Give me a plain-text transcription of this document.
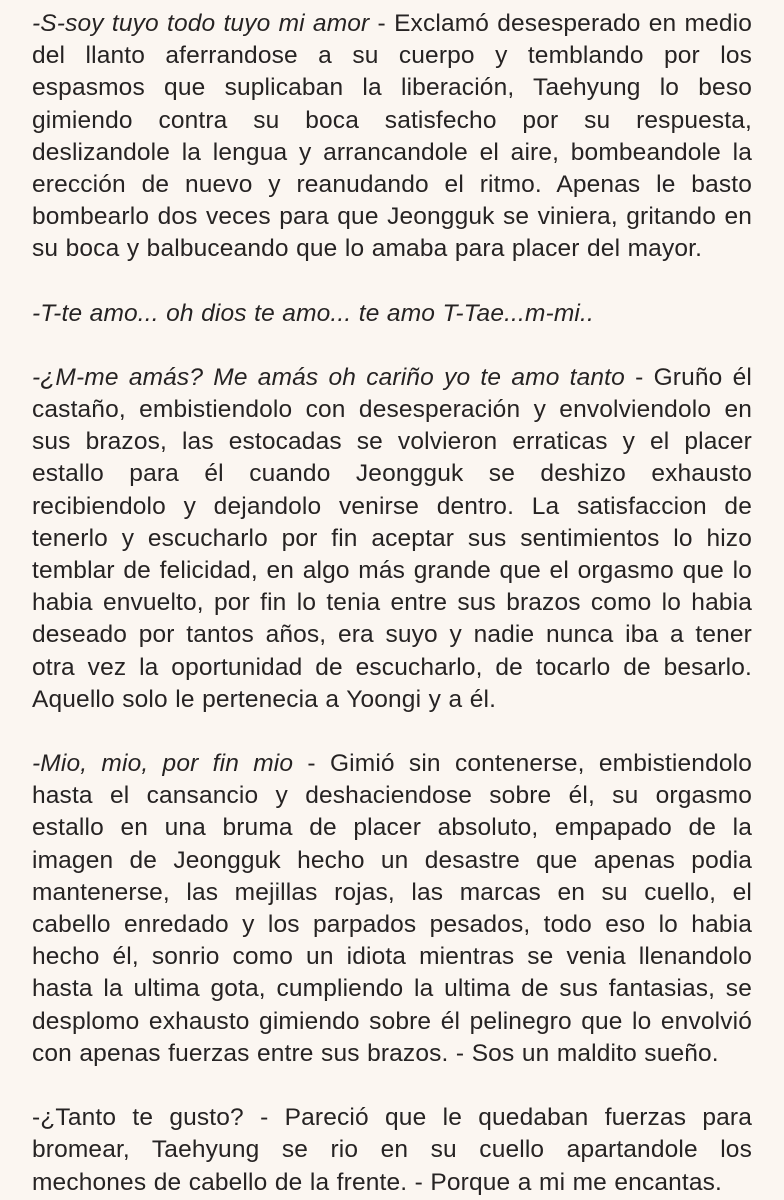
-S-soy tuyo todo tuyo mi amor - Exclamó desesperado en medio del llanto aferrandose a su cuerpo y temblando por los espasmos que suplicaban la liberación, Taehyung lo beso gimiendo contra su boca satisfecho por su respuesta, deslizandole la lengua y arrancandole el aire, bombeandole la erección de nuevo y reanudando el ritmo. Apenas le basto bombearlo dos veces para que Jeongguk se viniera, gritando en su boca y balbuceando que lo amaba para placer del mayor.

-T-te amo... oh dios te amo... te amo T-Tae...m-mi..

-¿M-me amás? Me amás oh cariño yo te amo tanto - Gruño él castaño, embistiendolo con desesperación y envolviendolo en sus brazos, las estocadas se volvieron erraticas y el placer estallo para él cuando Jeongguk se deshizo exhausto recibiendolo y dejandolo venirse dentro. La satisfaccion de tenerlo y escucharlo por fin aceptar sus sentimientos lo hizo temblar de felicidad, en algo más grande que el orgasmo que lo habia envuelto, por fin lo tenia entre sus brazos como lo habia deseado por tantos años, era suyo y nadie nunca iba a tener otra vez la oportunidad de escucharlo, de tocarlo de besarlo. Aquello solo le pertenecia a Yoongi y a él.

-Mio, mio, por fin mio - Gimió sin contenerse, embistiendolo hasta el cansancio y deshaciendose sobre él, su orgasmo estallo en una bruma de placer absoluto, empapado de la imagen de Jeongguk hecho un desastre que apenas podia mantenerse, las mejillas rojas, las marcas en su cuello, el cabello enredado y los parpados pesados, todo eso lo habia hecho él, sonrio como un idiota mientras se venia llenandolo hasta la ultima gota, cumpliendo la ultima de sus fantasias, se desplomo exhausto gimiendo sobre él pelinegro que lo envolvió con apenas fuerzas entre sus brazos. - Sos un maldito sueño.

-¿Tanto te gusto? - Pareció que le quedaban fuerzas para bromear, Taehyung se rio en su cuello apartandole los mechones de cabello de la frente. - Porque a mi me encantas.
